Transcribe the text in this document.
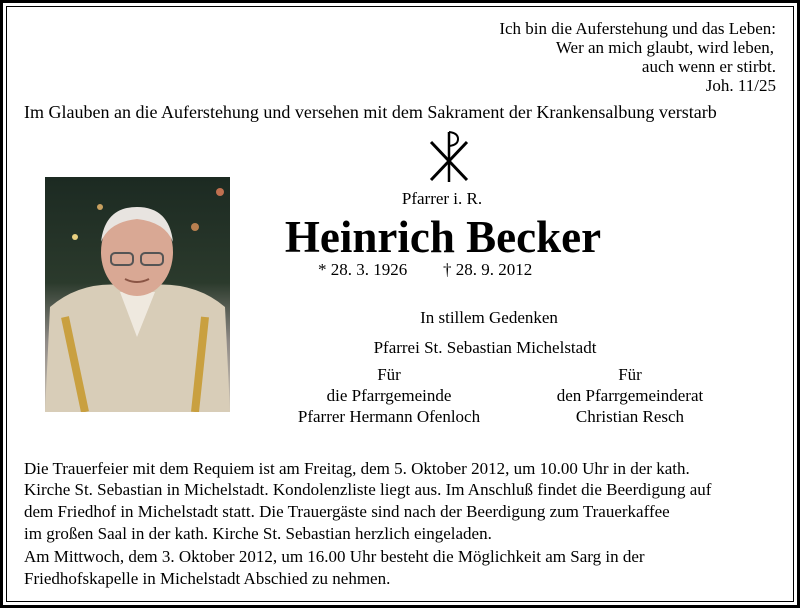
Ich bin die Auferstehung und das Leben:
Wer an mich glaubt, wird leben,
auch wenn er stirbt.
Joh. 11/25
Im Glauben an die Auferstehung und versehen mit dem Sakrament der Krankensalbung verstarb
Pfarrer i. R.
Heinrich Becker
* 28. 3. 1926 † 28. 9. 2012
In stillem Gedenken
Pfarrei St. Sebastian Michelstadt
Für
die Pfarrgemeinde
Pfarrer Hermann Ofenloch
Für
den Pfarrgemeinderat
Christian Resch
Die Trauerfeier mit dem Requiem ist am Freitag, dem 5. Oktober 2012, um 10.00 Uhr in der kath.
Kirche St. Sebastian in Michelstadt. Kondolenzliste liegt aus. Im Anschluß findet die Beerdigung auf
dem Friedhof in Michelstadt statt. Die Trauergäste sind nach der Beerdigung zum Trauerkaffee
im großen Saal in der kath. Kirche St. Sebastian herzlich eingeladen.
Am Mittwoch, dem 3. Oktober 2012, um 16.00 Uhr besteht die Möglichkeit am Sarg in der
Friedhofskapelle in Michelstadt Abschied zu nehmen.
